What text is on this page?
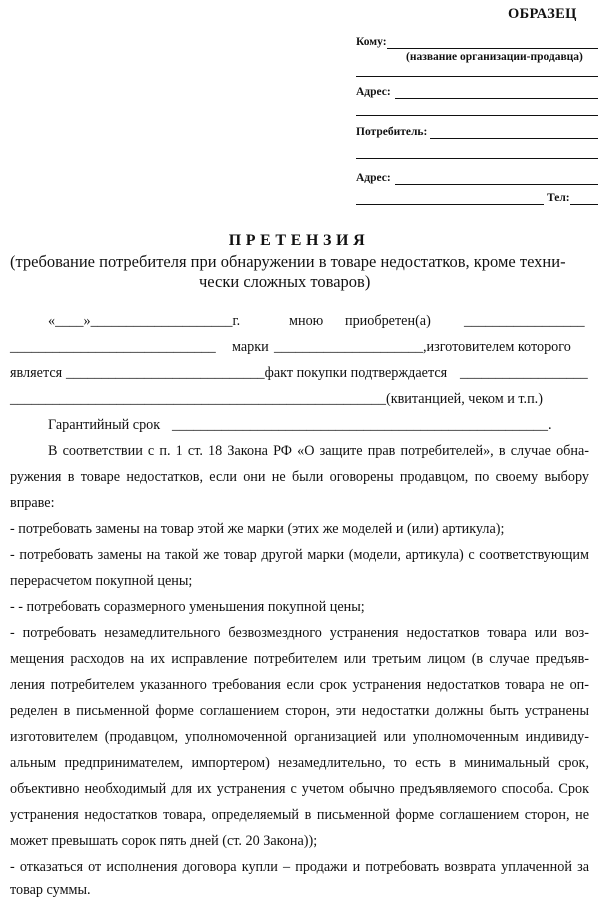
ОБРАЗЕЦ
Кому:
(название организации-продавца)
Адрес:
Потребитель:
Адрес:
Тел:
ПРЕТЕНЗИЯ
(требование потребителя при обнаружении в товаре недостатков, кроме техни-
чески сложных товаров)
«____»____________________г.	мною приобретен(а) _________________
_____________________________ марки _____________________,изготовителем которого
является ____________________________факт покупки подтверждается __________________
_____________________________________________________(квитанцией, чеком и т.п.)
Гарантийный срок _____________________________________________________.
В соответствии с п. 1 ст. 18 Закона РФ «О защите прав потребителей», в случае обна-
ружения в товаре недостатков, если они не были оговорены продавцом, по своему выбору
вправе:
- потребовать замены на товар этой же марки (этих же моделей и (или) артикула);
- потребовать замены на такой же товар другой марки (модели, артикула) с соответствующим
перерасчетом покупной цены;
- - потребовать соразмерного уменьшения покупной цены;
- потребовать незамедлительного безвозмездного устранения недостатков товара или воз-
мещения расходов на их исправление потребителем или третьим лицом (в случае предъяв-
ления потребителем указанного требования если срок устранения недостатков товара не оп-
ределен в письменной форме соглашением сторон, эти недостатки должны быть устранены
изготовителем (продавцом, уполномоченной организацией или уполномоченным индивиду-
альным предпринимателем, импортером) незамедлительно, то есть в минимальный срок,
объективно необходимый для их устранения с учетом обычно предъявляемого способа. Срок
устранения недостатков товара, определяемый в письменной форме соглашением сторон, не
может превышать сорок пять дней (ст. 20 Закона));
- отказаться от исполнения договора купли – продажи и потребовать возврата уплаченной за
товар суммы.
